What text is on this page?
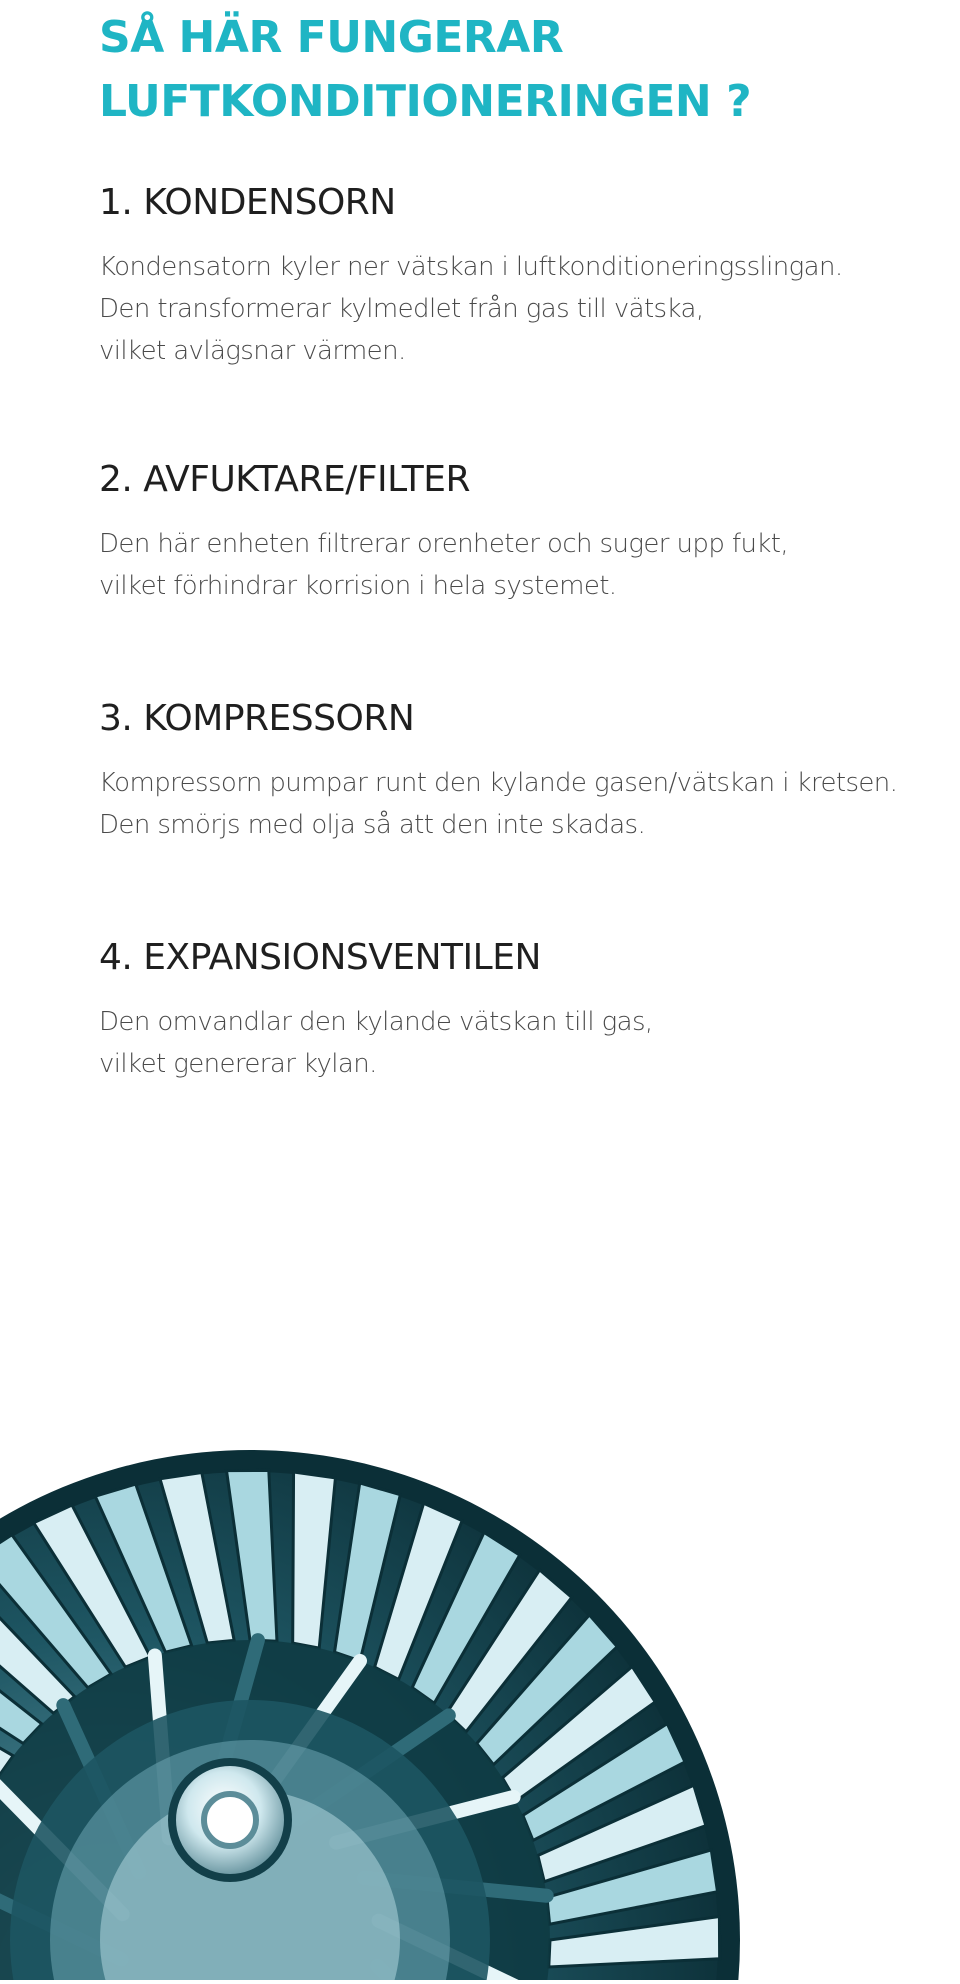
SÅ HÄR FUNGERAR
LUFTKONDITIONERINGEN ?
1. KONDENSORN

Kondensatorn kyler ner vätskan i luftkonditioneringsslingan.
Den transformerar kylmedlet från gas till vätska,
vilket avlägsnar värmen.

2. AVFUKTARE/FILTER

Den här enheten filtrerar orenheter och suger upp fukt,
vilket förhindrar korrision i hela systemet.

3. KOMPRESSORN

Kompressorn pumpar runt den kylande gasen/vätskan i kretsen.
Den smörjs med olja så att den inte skadas.

4. EXPANSIONSVENTILEN

Den omvandlar den kylande vätskan till gas,
vilket genererar kylan.
